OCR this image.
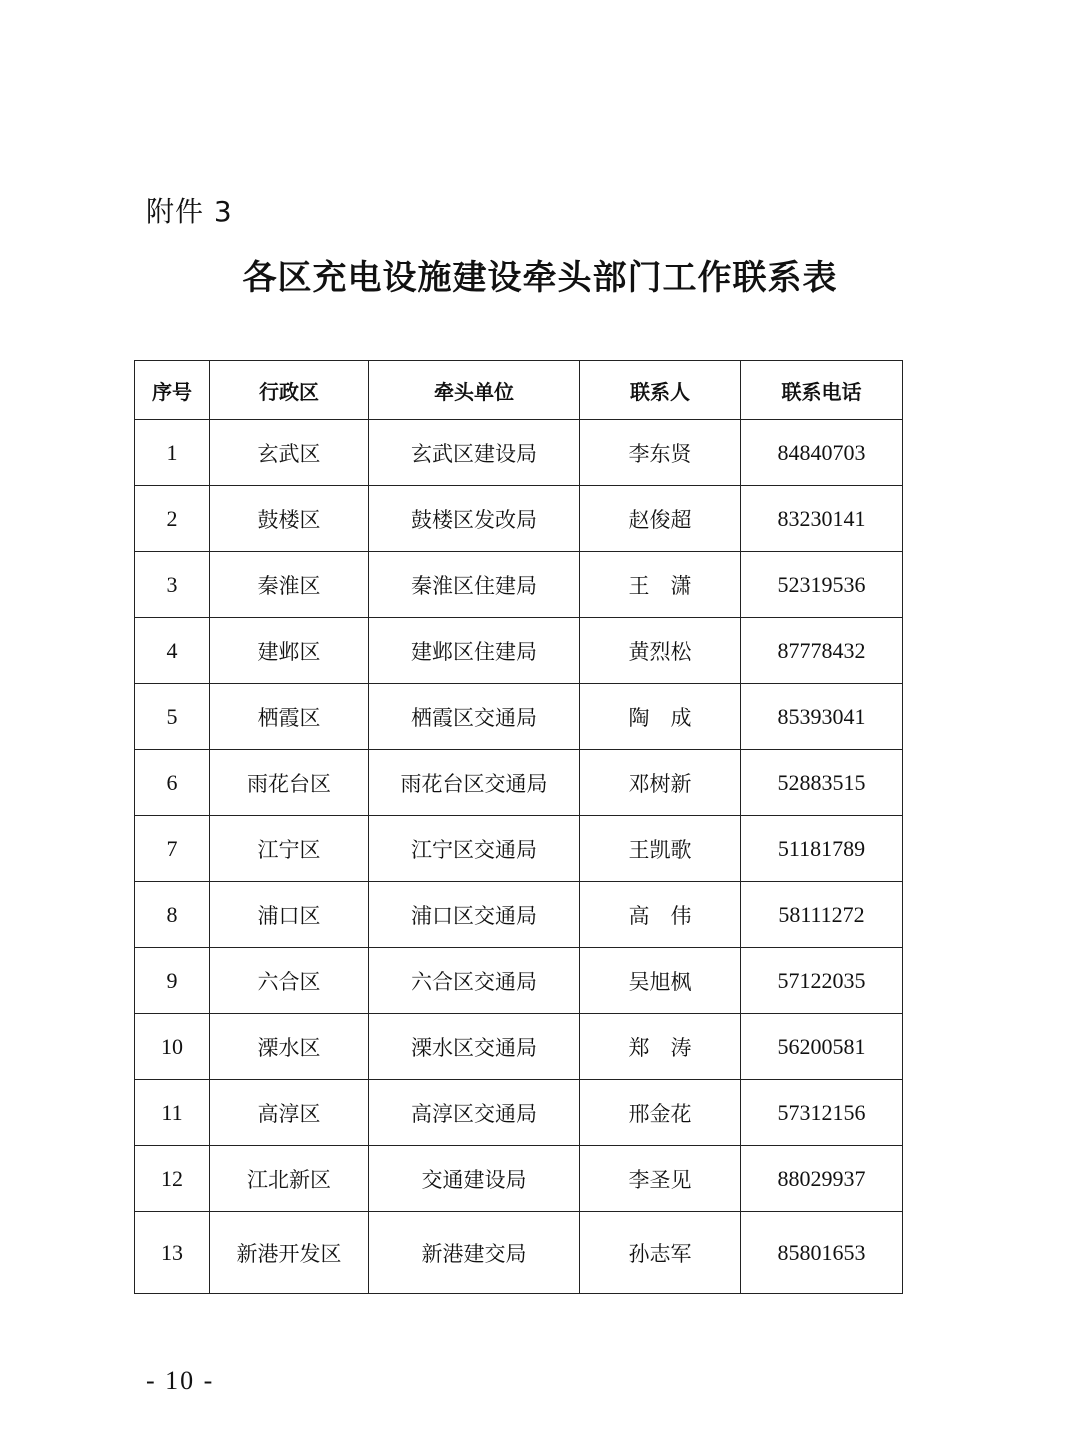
附件 3
各区充电设施建设牵头部门工作联系表
序号	行政区	牵头单位	联系人	联系电话
1	玄武区	玄武区建设局	李东贤	84840703
2	鼓楼区	鼓楼区发改局	赵俊超	83230141
3	秦淮区	秦淮区住建局	王　潇	52319536
4	建邺区	建邺区住建局	黄烈松	87778432
5	栖霞区	栖霞区交通局	陶　成	85393041
6	雨花台区	雨花台区交通局	邓树新	52883515
7	江宁区	江宁区交通局	王凯歌	51181789
8	浦口区	浦口区交通局	高　伟	58111272
9	六合区	六合区交通局	吴旭枫	57122035
10	溧水区	溧水区交通局	郑　涛	56200581
11	高淳区	高淳区交通局	邢金花	57312156
12	江北新区	交通建设局	李圣见	88029937
13	新港开发区	新港建交局	孙志军	85801653
- 10 -
